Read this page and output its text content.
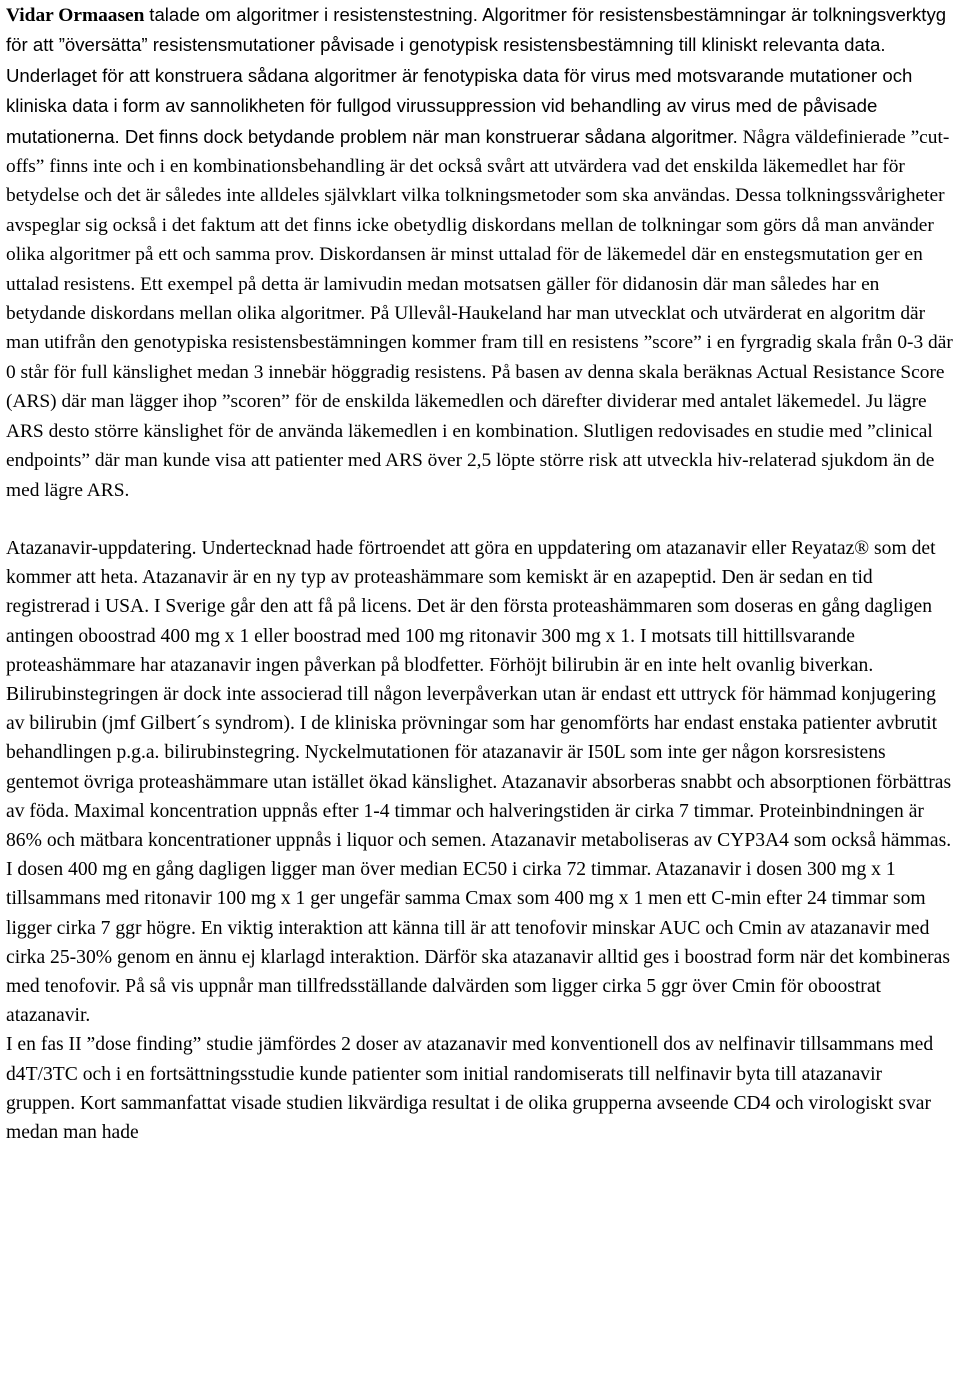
Vidar Ormaasen talade om algoritmer i resistenstestning. Algoritmer för resistensbestämningar är tolkningsverktyg för att ”översätta” resistensmutationer påvisade i genotypisk resistensbestämning till kliniskt relevanta data. Underlaget för att konstruera sådana algoritmer är fenotypiska data för virus med motsvarande mutationer och kliniska data i form av sannolikheten för fullgod virussuppression vid behandling av virus med de påvisade mutationerna. Det finns dock betydande problem när man konstruerar sådana algoritmer. Några väldefinierade ”cut-offs” finns inte och i en kombinationsbehandling är det också svårt att utvärdera vad det enskilda läkemedlet har för betydelse och det är således inte alldeles självklart vilka tolkningsmetoder som ska användas. Dessa tolkningssvårigheter avspeglar sig också i det faktum att det finns icke obetydlig diskordans mellan de tolkningar som görs då man använder olika algoritmer på ett och samma prov. Diskordansen är minst uttalad för de läkemedel där en enstegsmutation ger en uttalad resistens. Ett exempel på detta är lamivudin medan motsatsen gäller för didanosin där man således har en betydande diskordans mellan olika algoritmer. På Ullevål-Haukeland har man utvecklat och utvärderat en algoritm där man utifrån den genotypiska resistensbestämningen kommer fram till en resistens ”score” i en fyrgradig skala från 0-3 där 0 står för full känslighet medan 3 innebär höggradig resistens. På basen av denna skala beräknas Actual Resistance Score (ARS) där man lägger ihop ”scoren” för de enskilda läkemedlen och därefter dividerar med antalet läkemedel. Ju lägre ARS desto större känslighet för de använda läkemedlen i en kombination. Slutligen redovisades en studie med ”clinical endpoints” där man kunde visa att patienter med ARS över 2,5 löpte större risk att utveckla hiv-relaterad sjukdom än de med lägre ARS.

Atazanavir-uppdatering. Undertecknad hade förtroendet att göra en uppdatering om atazanavir eller Reyataz® som det kommer att heta. Atazanavir är en ny typ av proteashämmare som kemiskt är en azapeptid. Den är sedan en tid registrerad i USA. I Sverige går den att få på licens. Det är den första proteashämmaren som doseras en gång dagligen antingen oboostrad 400 mg x 1 eller boostrad med 100 mg ritonavir 300 mg x 1. I motsats till hittillsvarande proteashämmare har atazanavir ingen påverkan på blodfetter. Förhöjt bilirubin är en inte helt ovanlig biverkan. Bilirubinstegringen är dock inte associerad till någon leverpåverkan utan är endast ett uttryck för hämmad konjugering av bilirubin (jmf Gilbert´s syndrom). I de kliniska prövningar som har genomförts har endast enstaka patienter avbrutit behandlingen p.g.a. bilirubinstegring. Nyckelmutationen för atazanavir är I50L som inte ger någon korsresistens gentemot övriga proteashämmare utan istället ökad känslighet. Atazanavir absorberas snabbt och absorptionen förbättras av föda. Maximal koncentration uppnås efter 1-4 timmar och halveringstiden är cirka 7 timmar. Proteinbindningen är 86% och mätbara koncentrationer uppnås i liquor och semen. Atazanavir metaboliseras av CYP3A4 som också hämmas. I dosen 400 mg en gång dagligen ligger man över median EC50 i cirka 72 timmar. Atazanavir i dosen 300 mg x 1 tillsammans med ritonavir 100 mg x 1 ger ungefär samma Cmax som 400 mg x 1 men ett C-min efter 24 timmar som ligger cirka 7 ggr högre. En viktig interaktion att känna till är att tenofovir minskar AUC och Cmin av atazanavir med cirka 25-30% genom en ännu ej klarlagd interaktion. Därför ska atazanavir alltid ges i boostrad form när det kombineras med tenofovir. På så vis uppnår man tillfredsställande dalvärden som ligger cirka 5 ggr över Cmin för oboostrat atazanavir.
I en fas II ”dose finding” studie jämfördes 2 doser av atazanavir med konventionell dos av nelfinavir tillsammans med d4T/3TC och i en fortsättningsstudie kunde patienter som initial randomiserats till nelfinavir byta till atazanavir gruppen. Kort sammanfattat visade studien likvärdiga resultat i de olika grupperna avseende CD4 och virologiskt svar medan man hade
